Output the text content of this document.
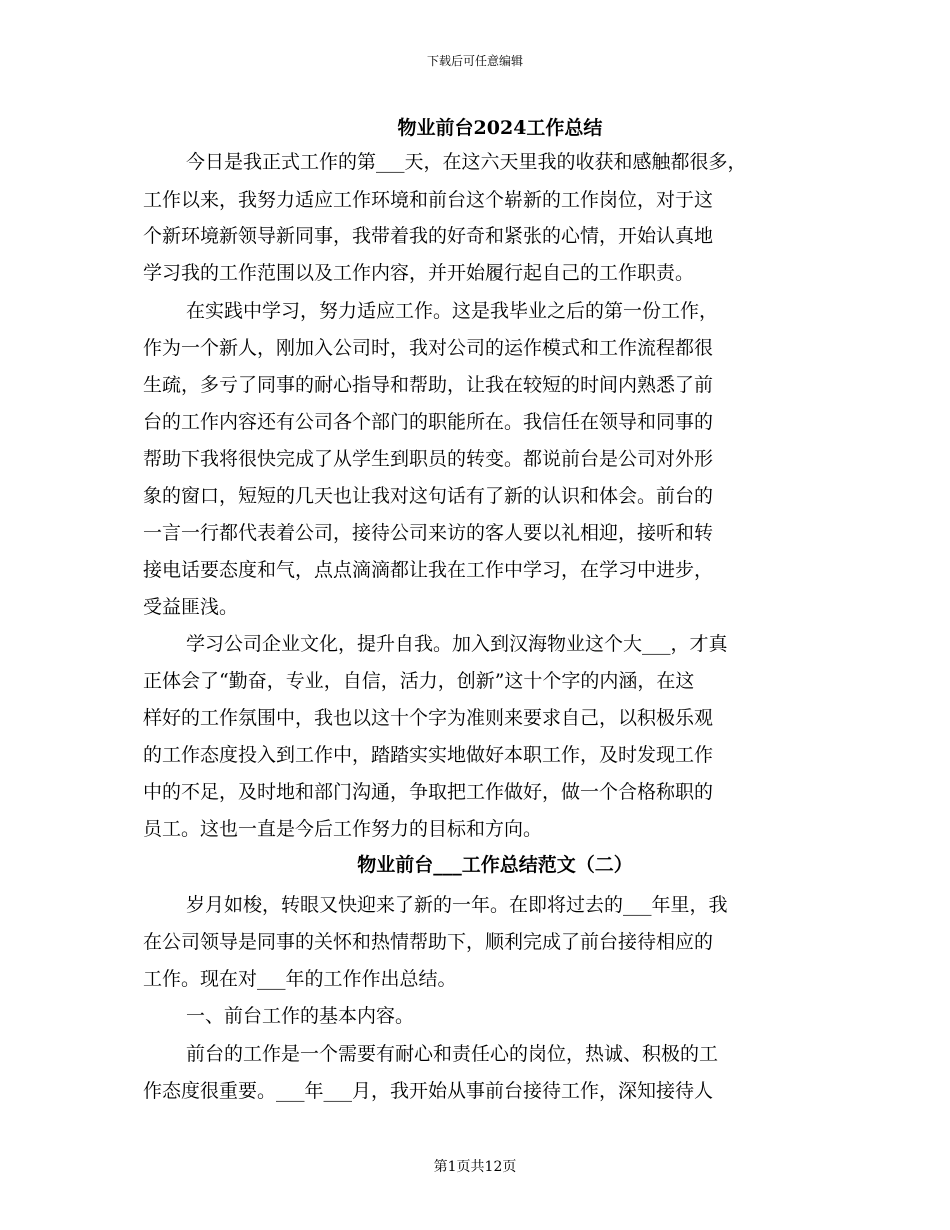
下载后可任意编辑
物业前台2024工作总结
今日是我正式工作的第___天，在这六天里我的收获和感触都很多，
工作以来，我努力适应工作环境和前台这个崭新的工作岗位，对于这
个新环境新领导新同事，我带着我的好奇和紧张的心情，开始认真地
学习我的工作范围以及工作内容，并开始履行起自己的工作职责。
在实践中学习，努力适应工作。这是我毕业之后的第一份工作，
作为一个新人，刚加入公司时，我对公司的运作模式和工作流程都很
生疏，多亏了同事的耐心指导和帮助，让我在较短的时间内熟悉了前
台的工作内容还有公司各个部门的职能所在。我信任在领导和同事的
帮助下我将很快完成了从学生到职员的转变。都说前台是公司对外形
象的窗口，短短的几天也让我对这句话有了新的认识和体会。前台的
一言一行都代表着公司，接待公司来访的客人要以礼相迎，接听和转
接电话要态度和气，点点滴滴都让我在工作中学习，在学习中进步，
受益匪浅。
学习公司企业文化，提升自我。加入到汉海物业这个大___，才真
正体会了“勤奋，专业，自信，活力，创新”这十个字的内涵，在这
样好的工作氛围中，我也以这十个字为准则来要求自己，以积极乐观
的工作态度投入到工作中，踏踏实实地做好本职工作，及时发现工作
中的不足，及时地和部门沟通，争取把工作做好，做一个合格称职的
员工。这也一直是今后工作努力的目标和方向。
物业前台___工作总结范文（二）
岁月如梭，转眼又快迎来了新的一年。在即将过去的___年里，我
在公司领导是同事的关怀和热情帮助下，顺利完成了前台接待相应的
工作。现在对___年的工作作出总结。
一、前台工作的基本内容。
前台的工作是一个需要有耐心和责任心的岗位，热诚、积极的工
作态度很重要。___年___月，我开始从事前台接待工作，深知接待人
第1页共12页
